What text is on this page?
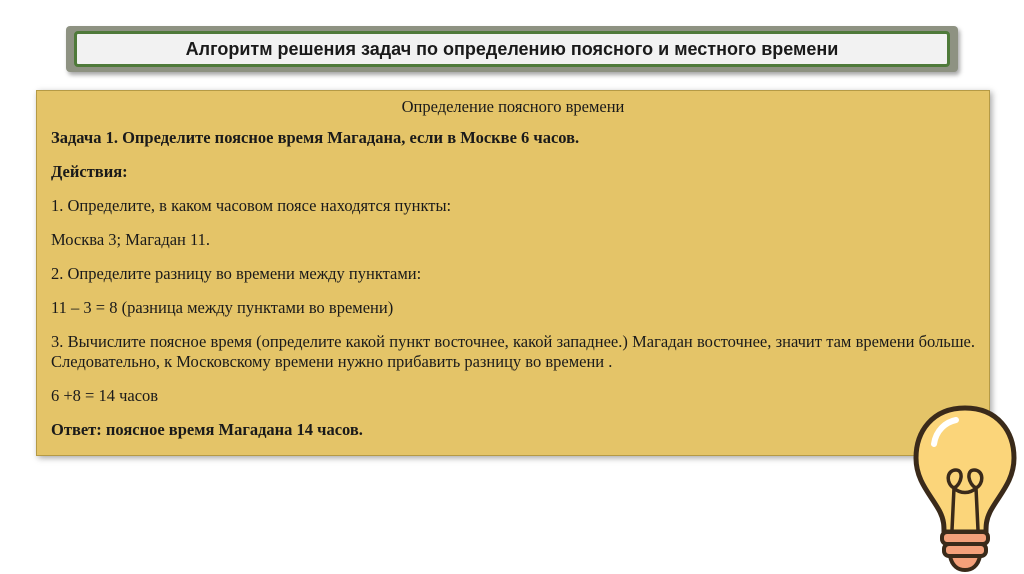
Алгоритм решения задач по определению поясного и местного времени

Определение поясного времени

Задача 1. Определите поясное время Магадана, если в Москве 6 часов.

Действия:

1. Определите, в каком часовом поясе находятся пункты:

Москва 3; Магадан 11.

2. Определите разницу во времени между пунктами:

11 – 3 = 8 (разница между пунктами во времени)

3. Вычислите поясное время (определите какой пункт восточнее, какой западнее.) Магадан восточнее, значит там времени больше. Следовательно, к Московскому времени нужно прибавить разницу во времени .

6 +8 = 14 часов

Ответ: поясное время Магадана 14 часов.
